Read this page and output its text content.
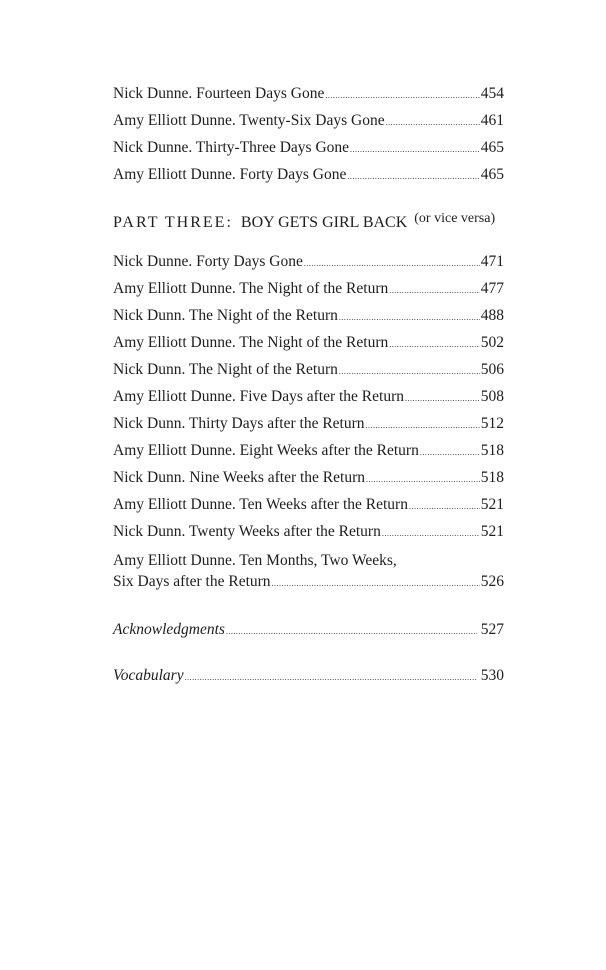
Nick Dunne. Fourteen Days Gone .....	454
Amy Elliott Dunne. Twenty-Six Days Gone .....	461
Nick Dunne. Thirty-Three Days Gone .....	465
Amy Elliott Dunne. Forty Days Gone .....	465
PART THREE: BOY GETS GIRL BACK (or vice versa)
Nick Dunne. Forty Days Gone .....	471
Amy Elliott Dunne. The Night of the Return .....	477
Nick Dunn. The Night of the Return .....	488
Amy Elliott Dunne. The Night of the Return .....	502
Nick Dunn. The Night of the Return .....	506
Amy Elliott Dunne. Five Days after the Return .....	508
Nick Dunn. Thirty Days after the Return .....	512
Amy Elliott Dunne. Eight Weeks after the Return .....	518
Nick Dunn. Nine Weeks after the Return .....	518
Amy Elliott Dunne. Ten Weeks after the Return .....	521
Nick Dunn. Twenty Weeks after the Return .....	521
Amy Elliott Dunne. Ten Months, Two Weeks,
Six Days after the Return .....	526
Acknowledgments .....	527
Vocabulary .....	530
